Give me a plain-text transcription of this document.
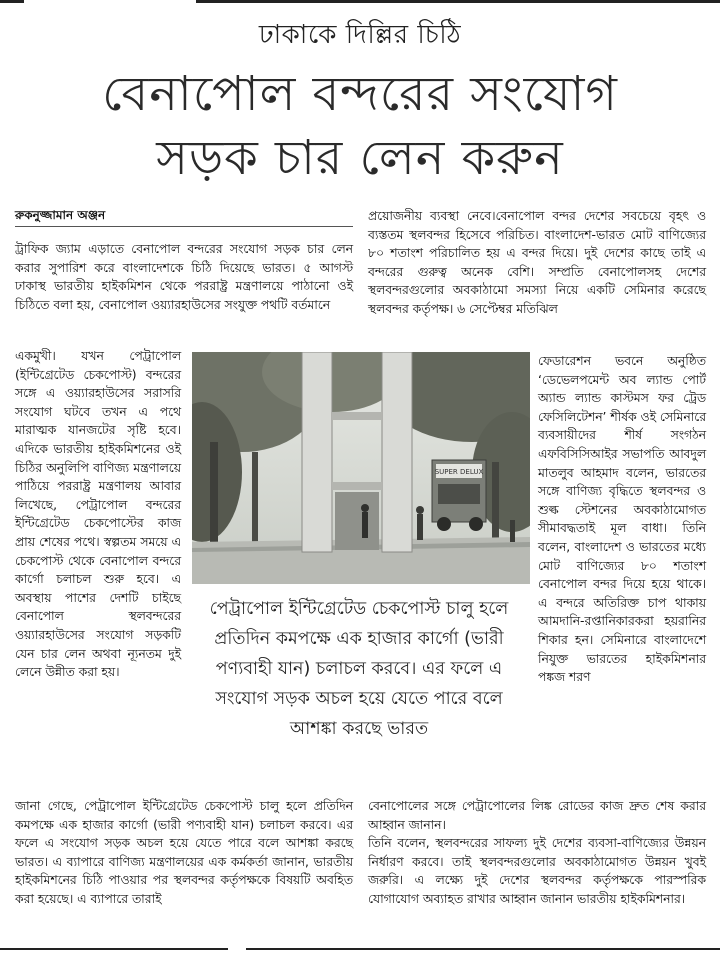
ঢাকাকে দিল্লির চিঠি
বেনাপোল বন্দরের সংযোগ
সড়ক চার লেন করুন
রুকনুজ্জামান অঞ্জন

ট্রাফিক জ্যাম এড়াতে বেনাপোল বন্দরের সংযোগ সড়ক চার লেন করার সুপারিশ করে বাংলাদেশকে চিঠি দিয়েছে ভারত। ৫ আগস্ট ঢাকাস্থ ভারতীয় হাইকমিশন থেকে পররাষ্ট্র মন্ত্রণালয়ে পাঠানো ওই চিঠিতে বলা হয়, বেনাপোল ওয়্যারহাউসের সংযুক্ত পথটি বর্তমানে

একমুখী। যখন পেট্রাপোল (ইন্টিগ্রেটেড চেকপোস্ট) বন্দরের সঙ্গে এ ওয়্যারহাউসের সরাসরি সংযোগ ঘটবে তখন এ পথে মারাত্মক যানজটের সৃষ্টি হবে। এদিকে ভারতীয় হাইকমিশনের ওই চিঠির অনুলিপি বাণিজ্য মন্ত্রণালয়ে পাঠিয়ে পররাষ্ট্র মন্ত্রণালয় আবার লিখেছে, পেট্রাপোল বন্দরের ইন্টিগ্রেটেড চেকপোস্টের কাজ প্রায় শেষের পথে। স্বল্পতম সময়ে এ চেকপোস্ট থেকে বেনাপোল বন্দরে কার্গো চলাচল শুরু হবে। এ অবস্থায় পাশের দেশটি চাইছে বেনাপোল স্থলবন্দরের ওয়্যারহাউসের সংযোগ সড়কটি যেন চার লেন অথবা ন্যূনতম দুই লেনে উন্নীত করা হয়।

প্রয়োজনীয় ব্যবস্থা নেবে।বেনাপোল বন্দর দেশের সবচেয়ে বৃহৎ ও ব্যস্ততম স্থলবন্দর হিসেবে পরিচিত। বাংলাদেশ-ভারত মোট বাণিজ্যের ৮০ শতাংশ পরিচালিত হয় এ বন্দর দিয়ে। দুই দেশের কাছে তাই এ বন্দরের গুরুত্ব অনেক বেশি। সম্প্রতি বেনাপোলসহ দেশের স্থলবন্দরগুলোর অবকাঠামো সমস্যা নিয়ে একটি সেমিনার করেছে স্থলবন্দর কর্তৃপক্ষ। ৬ সেপ্টেম্বর মতিঝিল

ফেডারেশন ভবনে অনুষ্ঠিত ‘ডেভেলপমেন্ট অব ল্যান্ড পোর্ট অ্যান্ড ল্যান্ড কাস্টমস ফর ট্রেড ফেসিলিটেশন’ শীর্ষক ওই সেমিনারে ব্যবসায়ীদের শীর্ষ সংগঠন এফবিসিসিআইর সভাপতি আবদুল মাতলুব আহমাদ বলেন, ভারতের সঙ্গে বাণিজ্য বৃদ্ধিতে স্থলবন্দর ও শুল্ক স্টেশনের অবকাঠামোগত সীমাবদ্ধতাই মূল বাধা। তিনি বলেন, বাংলাদেশ ও ভারতের মধ্যে মোট বাণিজ্যের ৮০ শতাংশ বেনাপোল বন্দর দিয়ে হয়ে থাকে। এ বন্দরে অতিরিক্ত চাপ থাকায় আমদানি-রপ্তানিকারকরা হয়রানির শিকার হন। সেমিনারে বাংলাদেশে নিযুক্ত ভারতের হাইকমিশনার পঙ্কজ শরণ

SUPER DELUX
পেট্রাপোল ইন্টিগ্রেটেড চেকপোস্ট চালু হলে প্রতিদিন কমপক্ষে এক হাজার কার্গো (ভারী পণ্যবাহী যান) চলাচল করবে। এর ফলে এ সংযোগ সড়ক অচল হয়ে যেতে পারে বলে আশঙ্কা করছে ভারত

জানা গেছে, পেট্রাপোল ইন্টিগ্রেটেড চেকপোস্ট চালু হলে প্রতিদিন কমপক্ষে এক হাজার কার্গো (ভারী পণ্যবাহী যান) চলাচল করবে। এর ফলে এ সংযোগ সড়ক অচল হয়ে যেতে পারে বলে আশঙ্কা করছে ভারত। এ ব্যাপারে বাণিজ্য মন্ত্রণালয়ের এক কর্মকর্তা জানান, ভারতীয় হাইকমিশনের চিঠি পাওয়ার পর স্থলবন্দর কর্তৃপক্ষকে বিষয়টি অবহিত করা হয়েছে। এ ব্যাপারে তারাই

বেনাপোলের সঙ্গে পেট্রাপোলের লিঙ্ক রোডের কাজ দ্রুত শেষ করার আহ্বান জানান।

তিনি বলেন, স্থলবন্দরের সাফল্য দুই দেশের ব্যবসা-বাণিজ্যের উন্নয়ন নির্ধারণ করবে। তাই স্থলবন্দরগুলোর অবকাঠামোগত উন্নয়ন খুবই জরুরি। এ লক্ষ্যে দুই দেশের স্থলবন্দর কর্তৃপক্ষকে পারস্পরিক যোগাযোগ অব্যাহত রাখার আহ্বান জানান ভারতীয় হাইকমিশনার।
